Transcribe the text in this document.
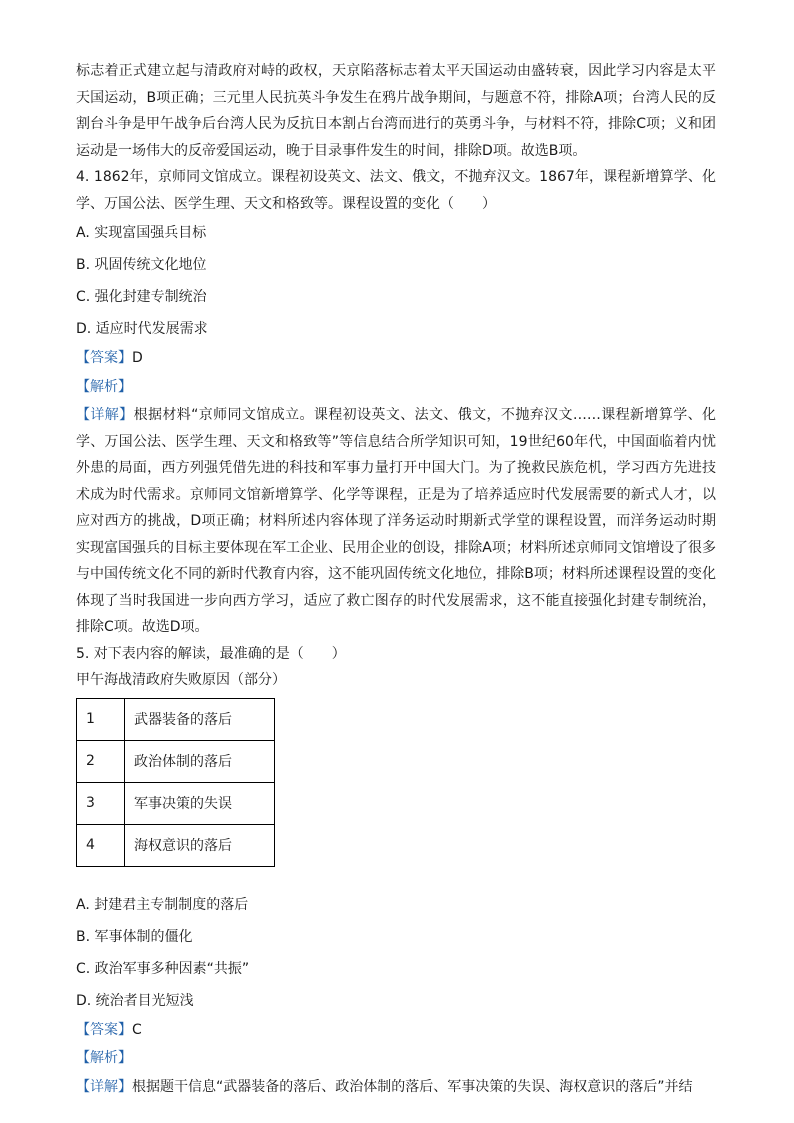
标志着正式建立起与清政府对峙的政权，天京陷落标志着太平天国运动由盛转衰，因此学习内容是太平天国运动，B项正确；三元里人民抗英斗争发生在鸦片战争期间，与题意不符，排除A项；台湾人民的反割台斗争是甲午战争后台湾人民为反抗日本割占台湾而进行的英勇斗争，与材料不符，排除C项；义和团运动是一场伟大的反帝爱国运动，晚于目录事件发生的时间，排除D项。故选B项。

4. 1862年，京师同文馆成立。课程初设英文、法文、俄文，不抛弃汉文。1867年，课程新增算学、化学、万国公法、医学生理、天文和格致等。课程设置的变化（　　）

A. 实现富国强兵目标
B. 巩固传统文化地位
C. 强化封建专制统治
D. 适应时代发展需求

【答案】D

【解析】

【详解】根据材料“京师同文馆成立。课程初设英文、法文、俄文，不抛弃汉文……课程新增算学、化学、万国公法、医学生理、天文和格致等”等信息结合所学知识可知，19世纪60年代，中国面临着内忧外患的局面，西方列强凭借先进的科技和军事力量打开中国大门。为了挽救民族危机，学习西方先进技术成为时代需求。京师同文馆新增算学、化学等课程，正是为了培养适应时代发展需要的新式人才，以应对西方的挑战，D项正确；材料所述内容体现了洋务运动时期新式学堂的课程设置，而洋务运动时期实现富国强兵的目标主要体现在军工企业、民用企业的创设，排除A项；材料所述京师同文馆增设了很多与中国传统文化不同的新时代教育内容，这不能巩固传统文化地位，排除B项；材料所述课程设置的变化体现了当时我国进一步向西方学习，适应了救亡图存的时代发展需求，这不能直接强化封建专制统治，排除C项。故选D项。

5. 对下表内容的解读，最准确的是（　　）

甲午海战清政府失败原因（部分）

1	武器装备的落后
2	政治体制的落后
3	军事决策的失误
4	海权意识的落后
A. 封建君主专制制度的落后
B. 军事体制的僵化
C. 政治军事多种因素“共振”
D. 统治者目光短浅

【答案】C

【解析】

【详解】根据题干信息“武器装备的落后、政治体制的落后、军事决策的失误、海权意识的落后”并结
